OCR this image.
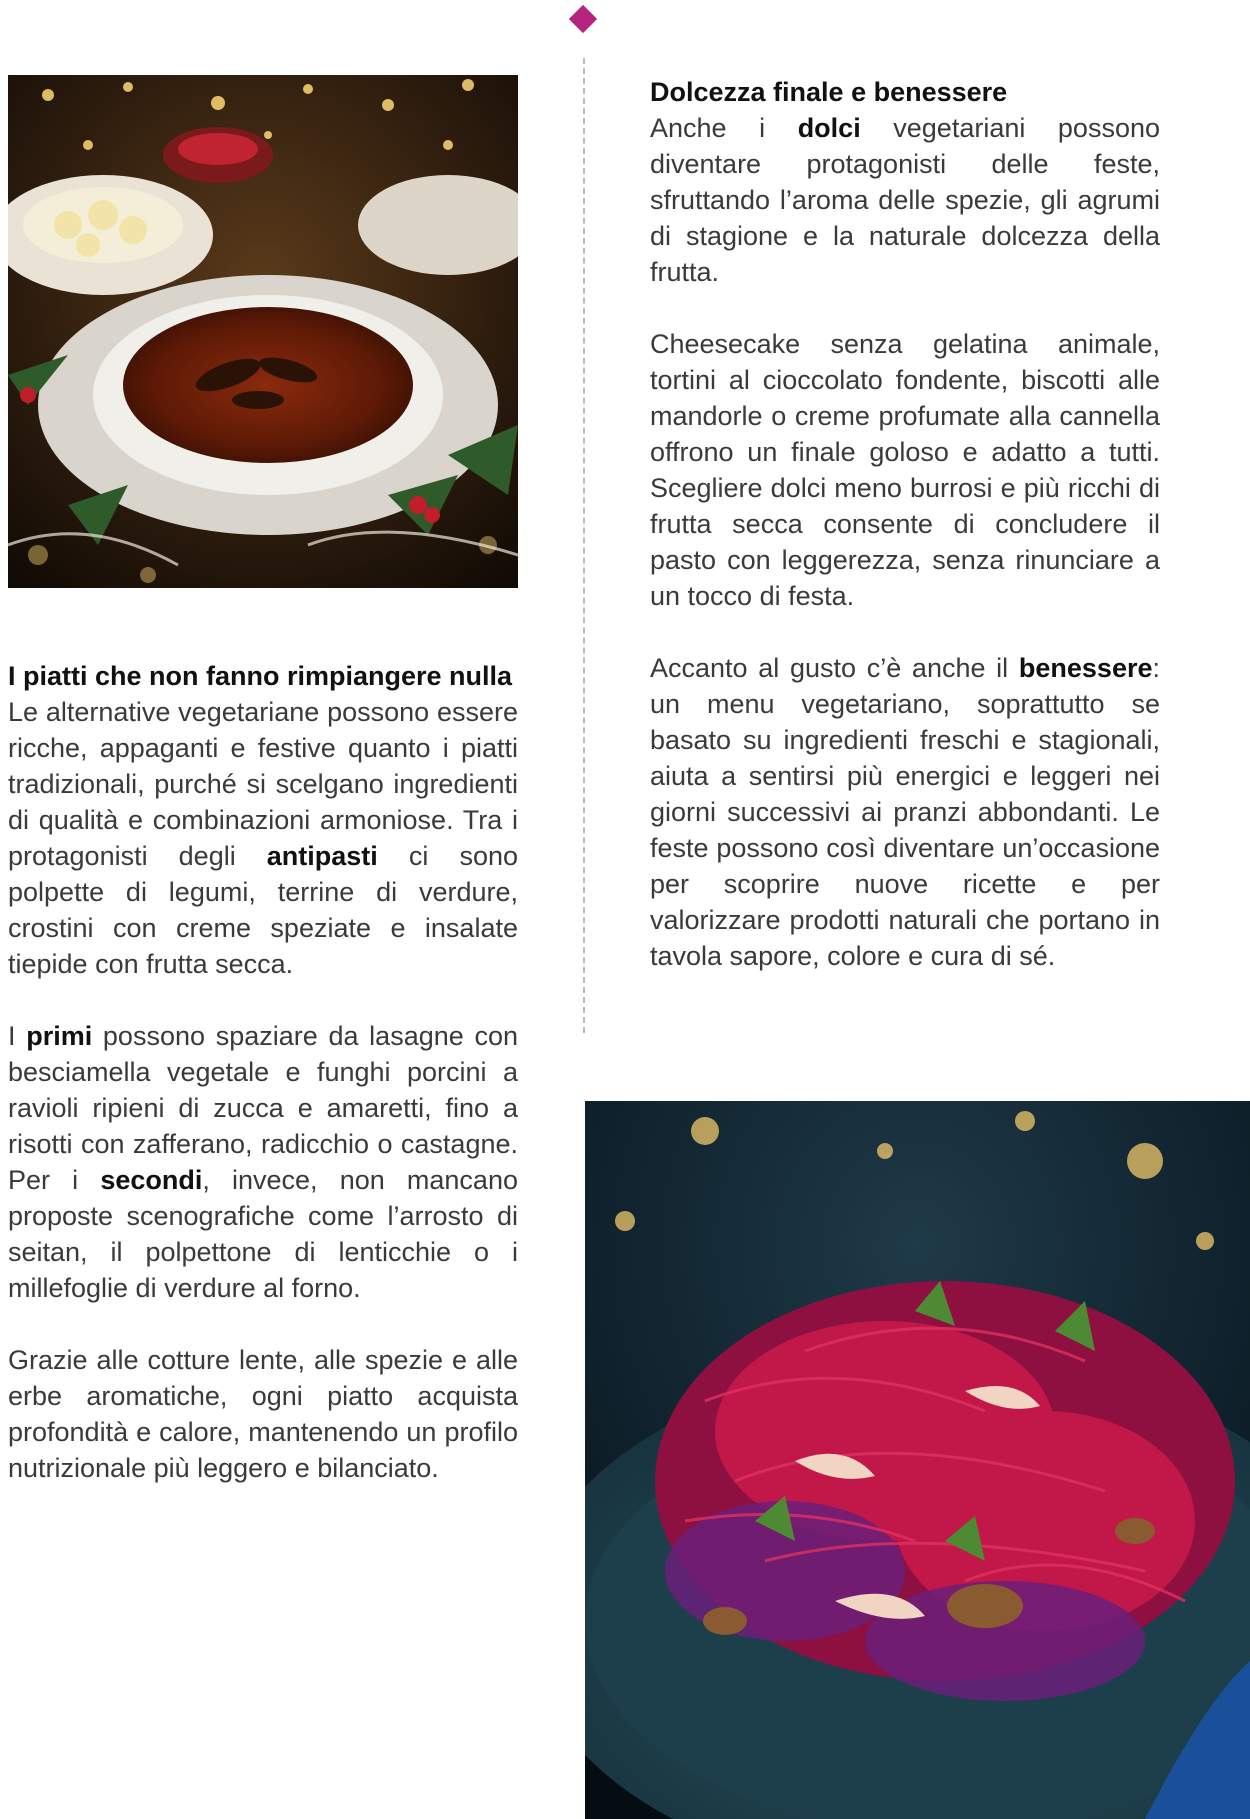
Dolcezza finale e benessere
Anche i dolci vegetariani possono diventare protagonisti delle feste, sfruttando l’aroma delle spezie, gli agrumi di stagione e la naturale dolcezza della frutta.
Cheesecake senza gelatina animale, tortini al cioccolato fondente, biscotti alle mandorle o creme profumate alla cannella offrono un finale goloso e adatto a tutti. Scegliere dolci meno burrosi e più ricchi di frutta secca consente di concludere il pasto con leggerezza, senza rinunciare a un tocco di festa.
Accanto al gusto c’è anche il benessere: un menu vegetariano, soprattutto se basato su ingredienti freschi e stagionali, aiuta a sentirsi più energici e leggeri nei giorni successivi ai pranzi abbondanti. Le feste possono così diventare un’occasione per scoprire nuove ricette e per valorizzare prodotti naturali che portano in tavola sapore, colore e cura di sé.
I piatti che non fanno rimpiangere nulla
Le alternative vegetariane possono essere ricche, appaganti e festive quanto i piatti tradizionali, purché si scelgano ingredienti di qualità e combinazioni armoniose. Tra i protagonisti degli antipasti ci sono polpette di legumi, terrine di verdure, crostini con creme speziate e insalate tiepide con frutta secca.
I primi possono spaziare da lasagne con besciamella vegetale e funghi porcini a ravioli ripieni di zucca e amaretti, fino a risotti con zafferano, radicchio o castagne. Per i secondi, invece, non mancano proposte scenografiche come l’arrosto di seitan, il polpettone di lenticchie o i millefoglie di verdure al forno.
Grazie alle cotture lente, alle spezie e alle erbe aromatiche, ogni piatto acquista profondità e calore, mantenendo un profilo nutrizionale più leggero e bilanciato.
